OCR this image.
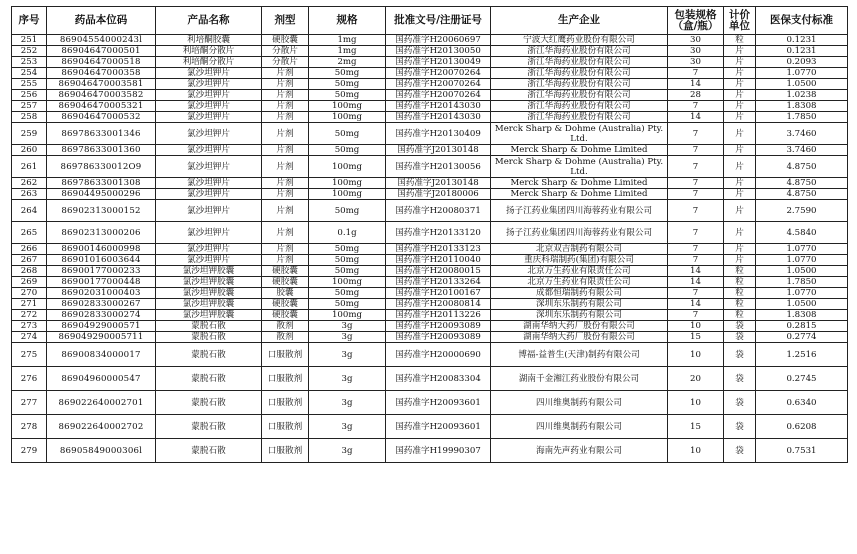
序号	药品本位码	产品名称	剂型	规格	批准文号/注册证号	生产企业	包装规格（盒/瓶）	计价单位	医保支付标准
251	86904554000243l	利培酮胶囊	硬胶囊	1mg	国药准字H20060697	宁波大红鹰药业股份有限公司	30	粒	0.1231
252	86904647000501	利培酮分散片	分散片	1mg	国药准字H20130050	浙江华海药业股份有限公司	30	片	0.1231
253	86904647000518	利培酮分散片	分散片	2mg	国药准字H20130049	浙江华海药业股份有限公司	30	片	0.2093
254	86904647000358	氯沙坦钾片	片剂	50mg	国药准字H20070264	浙江华海药业股份有限公司	7	片	1.0770
255	869046470003581	氯沙坦钾片	片剂	50mg	国药准字H20070264	浙江华海药业股份有限公司	14	片	1.0500
256	869046470003582	氯沙坦钾片	片剂	50mg	国药准字H20070264	浙江华海药业股份有限公司	28	片	1.0238
257	869046470005321	氯沙坦钾片	片剂	100mg	国药准字H20143030	浙江华海药业股份有限公司	7	片	1.8308
258	86904647000532	氯沙坦钾片	片剂	100mg	国药准字H20143030	浙江华海药业股份有限公司	14	片	1.7850
259	86978633001346	氯沙坦钾片	片剂	50mg	国药准字H20130409	Merck Sharp & Dohme (Australia) Pty. Ltd.	7	片	3.7460
260	86978633001360	氯沙坦钾片	片剂	50mg	国药准字J20130148	Merck Sharp & Dohme Limited	7	片	3.7460
261	869786330012O9	氯沙坦钾片	片剂	100mg	国药准字H20130056	Merck Sharp & Dohme (Australia) Pty. Ltd.	7	片	4.8750
262	86978633001308	氯沙坦钾片	片剂	100mg	国药准字J20130148	Merck Sharp & Dohme Limited	7	片	4.8750
263	86904495000296	氯沙坦钾片	片剂	100mg	国药准字J20180006	Merck Sharp & Dohme Limited	7	片	4.8750
264	86902313000152	氯沙坦钾片	片剂	50mg	国药准字H20080371	扬子江药业集团四川海蓉药业有限公司	7	片	2.7590
265	86902313000206	氯沙坦钾片	片剂	0.1g	国药准字H20133120	扬子江药业集团四川海蓉药业有限公司	7	片	4.5840
266	86900146000998	氯沙坦钾片	片剂	50mg	国药准字H20133123	北京双吉制药有限公司	7	片	1.0770
267	86901016003644	氯沙坦钾片	片剂	50mg	国药准字H20110040	重庆科瑞制药(集团)有限公司	7	片	1.0770
268	86900177000233	氯沙坦钾胶囊	硬胶囊	50mg	国药准字H20080015	北京万生药业有限责任公司	14	粒	1.0500
269	86900177000448	氯沙坦钾胶囊	硬胶囊	100mg	国药准字H20133264	北京万生药业有限责任公司	14	粒	1.7850
270	86902031000403	氯沙坦钾胶囊	胶囊	50mg	国药准字H20100167	成都恒瑞制药有限公司	7	粒	1.0770
271	86902833000267	氯沙坦钾胶囊	硬胶囊	50mg	国药准字H20080814	深圳东乐制药有限公司	14	粒	1.0500
272	86902833000274	氯沙坦钾胶囊	硬胶囊	100mg	国药准字H20113226	深圳东乐制药有限公司	7	粒	1.8308
273	86904929000571	蒙脱石散	散剂	3g	国药准字H20093089	湖南华纳大药厂股份有限公司	10	袋	0.2815
274	869049290005711	蒙脱石散	散剂	3g	国药准字H20093089	湖南华纳大药厂股份有限公司	15	袋	0.2774
275	86900834000017	蒙脱石散	口服散剂	3g	国药准字H20000690	博福-益普生(天津)制药有限公司	10	袋	1.2516
276	86904960000547	蒙脱石散	口服散剂	3g	国药准字H20083304	湖南千金湘江药业股份有限公司	20	袋	0.2745
277	869022640002701	蒙脱石散	口服散剂	3g	国药准字H20093601	四川维奥制药有限公司	10	袋	0.6340
278	869022640002702	蒙脱石散	口服散剂	3g	国药准字H20093601	四川维奥制药有限公司	15	袋	0.6208
279	86905849000306l	蒙脱石散	口服散剂	3g	国药准字H19990307	海南先声药业有限公司	10	袋	0.7531
